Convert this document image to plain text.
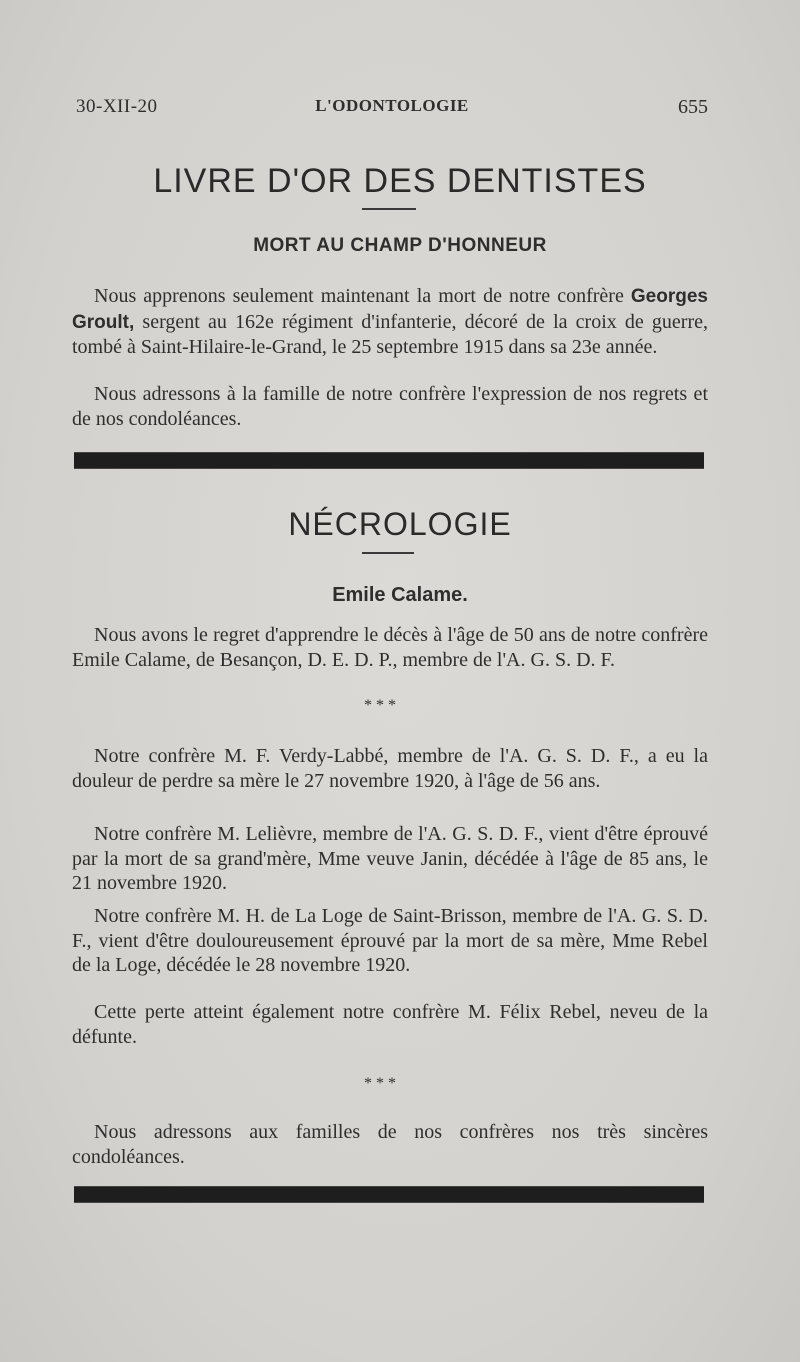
30-XII-20	L'ODONTOLOGIE	655
LIVRE D'OR DES DENTISTES
MORT AU CHAMP D'HONNEUR
Nous apprenons seulement maintenant la mort de notre confrère Georges Groult, sergent au 162e régiment d'infanterie, décoré de la croix de guerre, tombé à Saint-Hilaire-le-Grand, le 25 septembre 1915 dans sa 23e année.
Nous adressons à la famille de notre confrère l'expression de nos regrets et de nos condoléances.
NÉCROLOGIE
Emile Calame.
Nous avons le regret d'apprendre le décès à l'âge de 50 ans de notre confrère Emile Calame, de Besançon, D. E. D. P., membre de l'A. G. S. D. F.
* * *
Notre confrère M. F. Verdy-Labbé, membre de l'A. G. S. D. F., a eu la douleur de perdre sa mère le 27 novembre 1920, à l'âge de 56 ans.
Notre confrère M. Lelièvre, membre de l'A. G. S. D. F., vient d'être éprouvé par la mort de sa grand'mère, Mme veuve Janin, décédée à l'âge de 85 ans, le 21 novembre 1920.
Notre confrère M. H. de La Loge de Saint-Brisson, membre de l'A. G. S. D. F., vient d'être douloureusement éprouvé par la mort de sa mère, Mme Rebel de la Loge, décédée le 28 novembre 1920.
Cette perte atteint également notre confrère M. Félix Rebel, neveu de la défunte.
* * *
Nous adressons aux familles de nos confrères nos très sincères condoléances.
